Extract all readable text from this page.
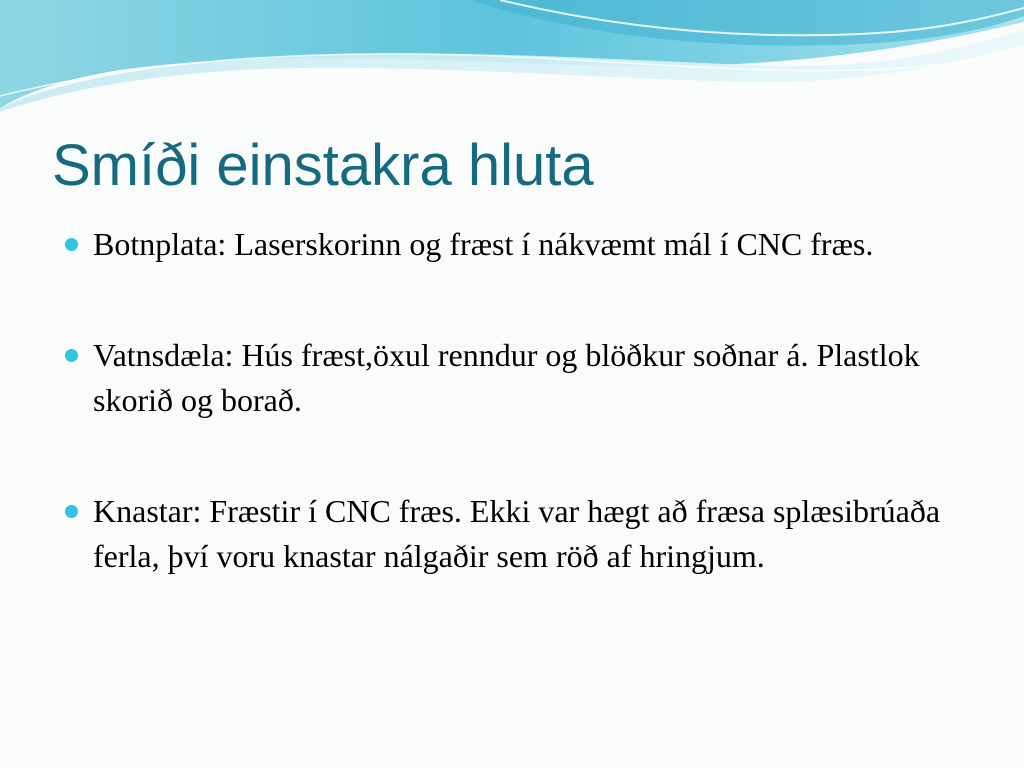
Smíði einstakra hluta
Botnplata: Laserskorinn og fræst í nákvæmt mál í CNC fræs.
Vatnsdæla: Hús fræst,öxul renndur og blöðkur soðnar á. Plastlok skorið og borað.
Knastar: Fræstir í CNC fræs. Ekki var hægt að fræsa splæsibrúaða ferla, því voru knastar nálgaðir sem röð af hringjum.
